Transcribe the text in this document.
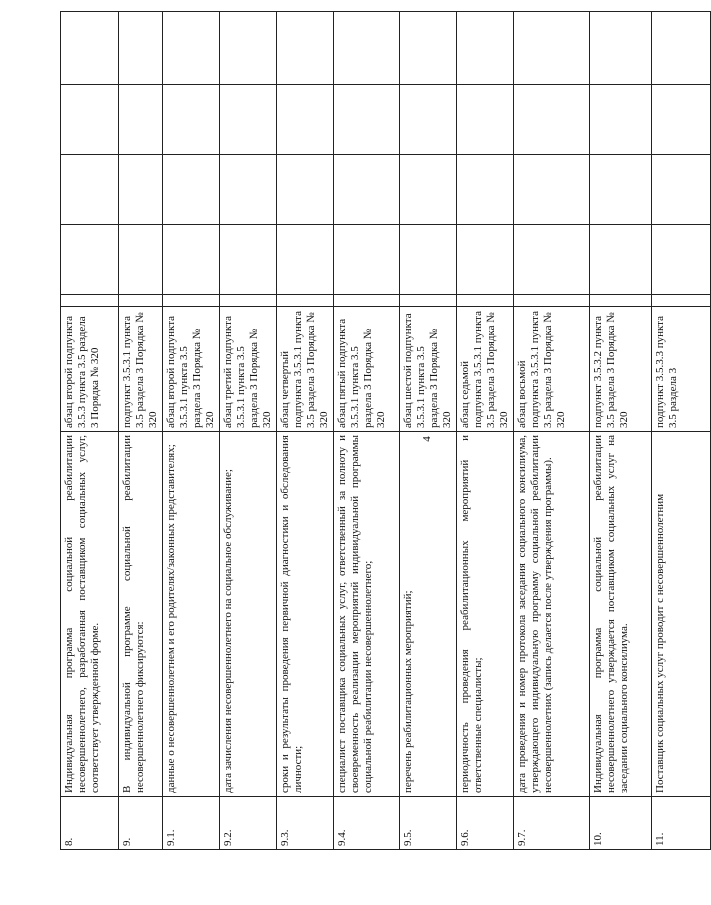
4
8.	Индивидуальная программа социальной реабилитации несовершеннолетнего, разработанная поставщиком социальных услуг, соответствует утвержденной форме.	абзац второй подпункта 3.5.3 пункта 3.5 раздела 3 Порядка № 320					
9.	В индивидуальной программе социальной реабилитации несовершеннолетнего фиксируются:	подпункт 3.5.3.1 пункта 3.5 раздела 3 Порядка № 320					
9.1.	данные о несовершеннолетнем и его родителях/законных представителях;	абзац второй подпункта 3.5.3.1 пункта 3.5 раздела 3 Порядка № 320					
9.2.	дата зачисления несовершеннолетнего на социальное обслуживание;	абзац третий подпункта 3.5.3.1 пункта 3.5 раздела 3 Порядка № 320					
9.3.	сроки и результаты проведения первичной диагностики и обследования личности;	абзац четвертый подпункта 3.5.3.1 пункта 3.5 раздела 3 Порядка № 320					
9.4.	специалист поставщика социальных услуг, ответственный за полноту и своевременность реализации мероприятий индивидуальной программы социальной реабилитации несовершеннолетнего;	абзац пятый подпункта 3.5.3.1 пункта 3.5 раздела 3 Порядка № 320					
9.5.	перечень реабилитационных мероприятий;	абзац шестой подпункта 3.5.3.1 пункта 3.5 раздела 3 Порядка № 320					
9.6.	периодичность проведения реабилитационных мероприятий и ответственные специалисты;	абзац седьмой подпункта 3.5.3.1 пункта 3.5 раздела 3 Порядка № 320					
9.7.	дата проведения и номер протокола заседания социального консилиума, утверждающего индивидуальную программу социальной реабилитации несовершеннолетних (запись делается после утверждения программы).	абзац восьмой подпункта 3.5.3.1 пункта 3.5 раздела 3 Порядка № 320					
10.	Индивидуальная программа социальной реабилитации несовершеннолетнего утверждается поставщиком социальных услуг на заседании социального консилиума.	подпункт 3.5.3.2 пункта 3.5 раздела 3 Порядка № 320					
11.	Поставщик социальных услуг проводит с несовершеннолетним	подпункт 3.5.3.3 пункта 3.5 раздела 3					
